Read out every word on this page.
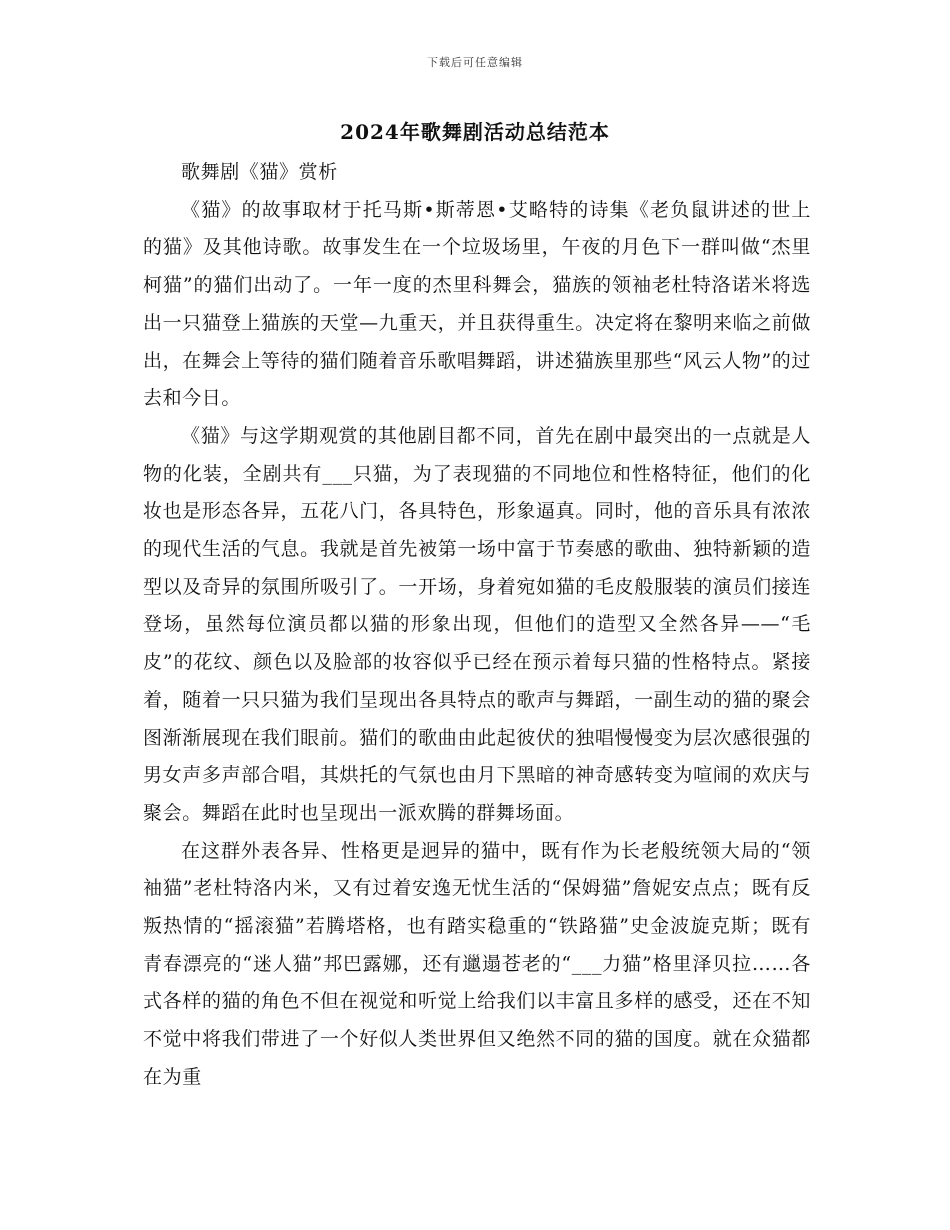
下载后可任意编辑
2024年歌舞剧活动总结范本

歌舞剧《猫》赏析

《猫》的故事取材于托马斯•斯蒂恩•艾略特的诗集《老负鼠讲述的世上的猫》及其他诗歌。故事发生在一个垃圾场里，午夜的月色下一群叫做“杰里柯猫”的猫们出动了。一年一度的杰里科舞会，猫族的领袖老杜特洛诺米将选出一只猫登上猫族的天堂—九重天，并且获得重生。决定将在黎明来临之前做出，在舞会上等待的猫们随着音乐歌唱舞蹈，讲述猫族里那些“风云人物”的过去和今日。

《猫》与这学期观赏的其他剧目都不同，首先在剧中最突出的一点就是人物的化装，全剧共有___只猫，为了表现猫的不同地位和性格特征，他们的化妆也是形态各异，五花八门，各具特色，形象逼真。同时，他的音乐具有浓浓的现代生活的气息。我就是首先被第一场中富于节奏感的歌曲、独特新颖的造型以及奇异的氛围所吸引了。一开场，身着宛如猫的毛皮般服装的演员们接连登场，虽然每位演员都以猫的形象出现，但他们的造型又全然各异——“毛皮”的花纹、颜色以及脸部的妆容似乎已经在预示着每只猫的性格特点。紧接着，随着一只只猫为我们呈现出各具特点的歌声与舞蹈，一副生动的猫的聚会图渐渐展现在我们眼前。猫们的歌曲由此起彼伏的独唱慢慢变为层次感很强的男女声多声部合唱，其烘托的气氛也由月下黑暗的神奇感转变为喧闹的欢庆与聚会。舞蹈在此时也呈现出一派欢腾的群舞场面。

在这群外表各异、性格更是迥异的猫中，既有作为长老般统领大局的“领袖猫”老杜特洛内米，又有过着安逸无忧生活的“保姆猫”詹妮安点点；既有反叛热情的“摇滚猫”若腾塔格，也有踏实稳重的“铁路猫”史金波旋克斯；既有青春漂亮的“迷人猫”邦巴露娜，还有邋遢苍老的“___力猫”格里泽贝拉……各式各样的猫的角色不但在视觉和听觉上给我们以丰富且多样的感受，还在不知不觉中将我们带进了一个好似人类世界但又绝然不同的猫的国度。就在众猫都在为重
